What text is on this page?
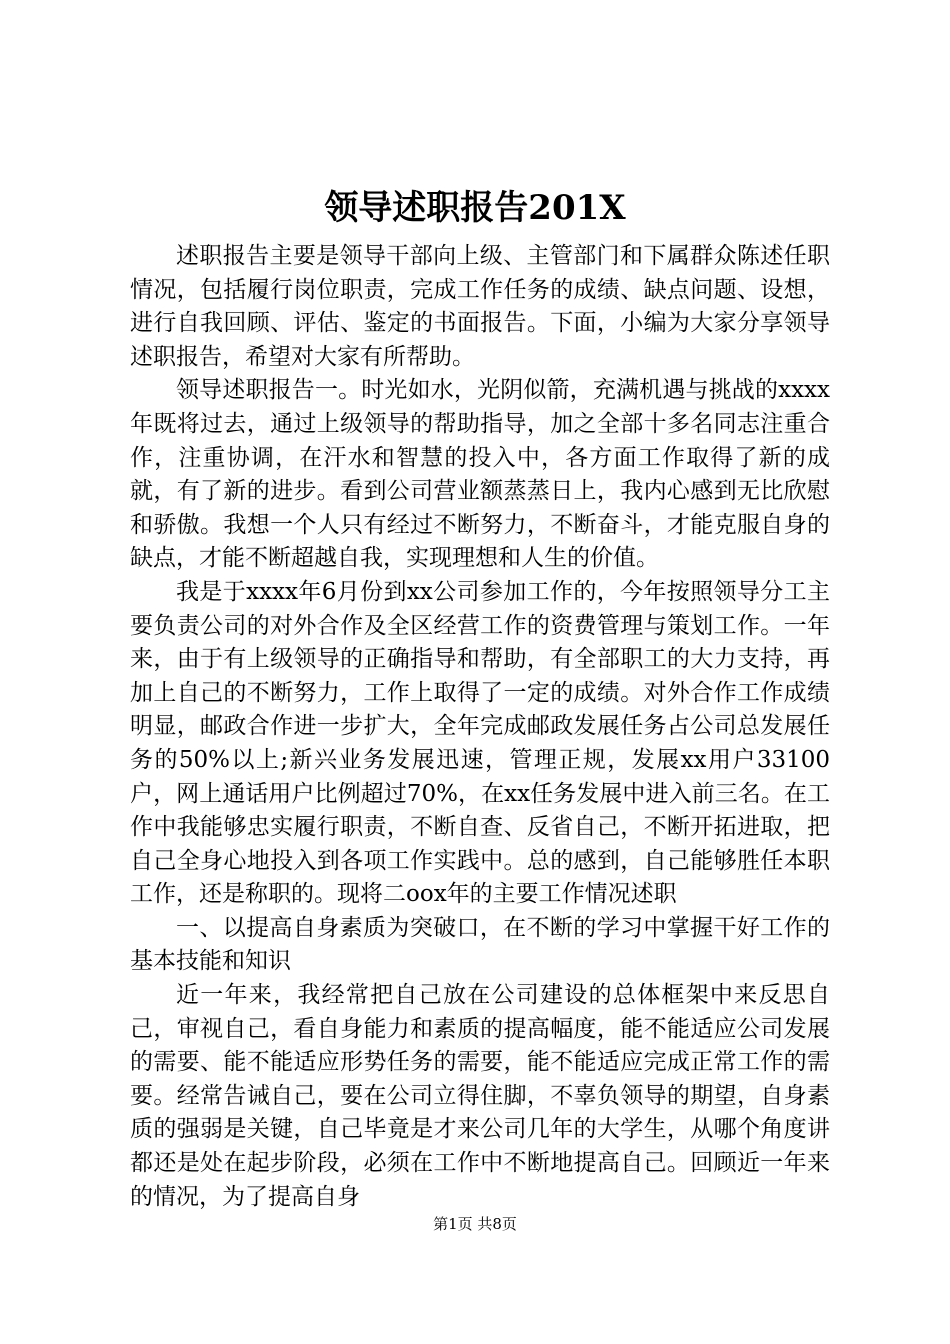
领导述职报告201X

述职报告主要是领导干部向上级、主管部门和下属群众陈述任职情况，包括履行岗位职责，完成工作任务的成绩、缺点问题、设想，进行自我回顾、评估、鉴定的书面报告。下面，小编为大家分享领导述职报告，希望对大家有所帮助。

领导述职报告一。时光如水，光阴似箭，充满机遇与挑战的xxxx年既将过去，通过上级领导的帮助指导，加之全部十多名同志注重合作，注重协调，在汗水和智慧的投入中，各方面工作取得了新的成就，有了新的进步。看到公司营业额蒸蒸日上，我内心感到无比欣慰和骄傲。我想一个人只有经过不断努力，不断奋斗，才能克服自身的缺点，才能不断超越自我，实现理想和人生的价值。

我是于xxxx年6月份到xx公司参加工作的，今年按照领导分工主要负责公司的对外合作及全区经营工作的资费管理与策划工作。一年来，由于有上级领导的正确指导和帮助，有全部职工的大力支持，再加上自己的不断努力，工作上取得了一定的成绩。对外合作工作成绩明显，邮政合作进一步扩大，全年完成邮政发展任务占公司总发展任务的50%以上;新兴业务发展迅速，管理正规，发展xx用户33100户，网上通话用户比例超过70%，在xx任务发展中进入前三名。在工作中我能够忠实履行职责，不断自查、反省自己，不断开拓进取，把自己全身心地投入到各项工作实践中。总的感到，自己能够胜任本职工作，还是称职的。现将二oox年的主要工作情况述职

一、以提高自身素质为突破口，在不断的学习中掌握干好工作的基本技能和知识

近一年来，我经常把自己放在公司建设的总体框架中来反思自己，审视自己，看自身能力和素质的提高幅度，能不能适应公司发展的需要、能不能适应形势任务的需要，能不能适应完成正常工作的需要。经常告诫自己，要在公司立得住脚，不辜负领导的期望，自身素质的强弱是关键，自己毕竟是才来公司几年的大学生，从哪个角度讲都还是处在起步阶段，必须在工作中不断地提高自己。回顾近一年来的情况，为了提高自身

第1页 共8页
